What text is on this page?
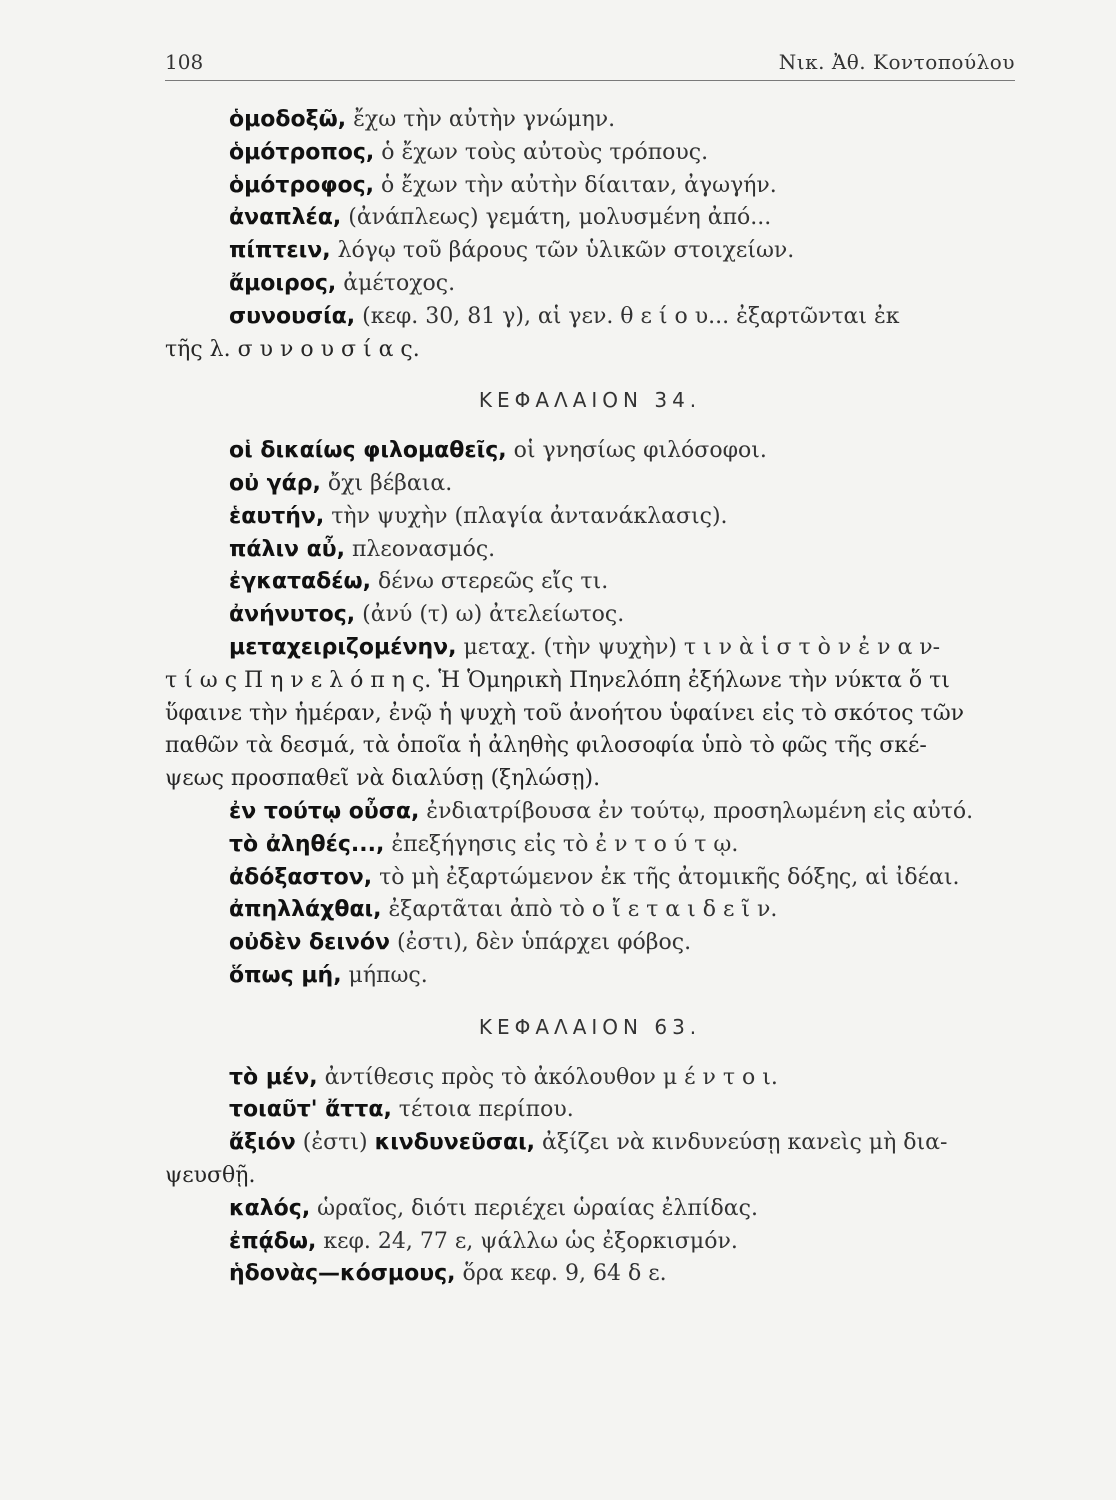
108	Νικ. Ἀθ. Κοντοπούλου
ὁμοδοξῶ, ἔχω τὴν αὐτὴν γνώμην.
ὁμότροπος, ὁ ἔχων τοὺς αὐτοὺς τρόπους.
ὁμότροφος, ὁ ἔχων τὴν αὐτὴν δίαιταν, ἀγωγήν.
ἀναπλέα, (ἀνάπλεως) γεμάτη, μολυσμένη ἀπό...
πίπτειν, λόγῳ τοῦ βάρους τῶν ὑλικῶν στοιχείων.
ἄμοιρος, ἀμέτοχος.
συνουσία, (κεφ. 30, 81 γ), αἱ γεν. θ ε ί ο υ... ἐξαρτῶνται ἐκ
τῆς λ. σ υ ν ο υ σ ί α ς.
ΚΕΦΑΛΑΙΟΝ 34.
οἱ δικαίως φιλομαθεῖς, οἱ γνησίως φιλόσοφοι.
οὐ γάρ, ὄχι βέβαια.
ἑαυτήν, τὴν ψυχὴν (πλαγία ἀντανάκλασις).
πάλιν αὖ, πλεονασμός.
ἐγκαταδέω, δένω στερεῶς εἴς τι.
ἀνήνυτος, (ἀνύ (τ) ω) ἀτελείωτος.
μεταχειριζομένην, μεταχ. (τὴν ψυχὴν) τ ι ν ὰ ἱ σ τ ὸ ν ἐ ν α ν-
τ ί ω ς Π η ν ε λ ό π η ς. Ἡ Ὁμηρικὴ Πηνελόπη ἐξήλωνε τὴν νύκτα ὅ τι
ὕφαινε τὴν ἡμέραν, ἐνῷ ἡ ψυχὴ τοῦ ἀνοήτου ὑφαίνει εἰς τὸ σκότος τῶν
παθῶν τὰ δεσμά, τὰ ὁποῖα ἡ ἀληθὴς φιλοσοφία ὑπὸ τὸ φῶς τῆς σκέ-
ψεως προσπαθεῖ νὰ διαλύσῃ (ξηλώσῃ).
ἐν τούτῳ οὖσα, ἐνδιατρίβουσα ἐν τούτῳ, προσηλωμένη εἰς αὐτό.
τὸ ἀληθές..., ἐπεξήγησις εἰς τὸ ἐ ν τ ο ύ τ ῳ.
ἀδόξαστον, τὸ μὴ ἐξαρτώμενον ἐκ τῆς ἀτομικῆς δόξης, αἱ ἰδέαι.
ἀπηλλάχθαι, ἐξαρτᾶται ἀπὸ τὸ ο ἴ ε τ α ι δ ε ῖ ν.
οὐδὲν δεινόν (ἐστι), δὲν ὑπάρχει φόβος.
ὅπως μή, μήπως.
ΚΕΦΑΛΑΙΟΝ 63.
τὸ μέν, ἀντίθεσις πρὸς τὸ ἀκόλουθον μ έ ν τ ο ι.
τοιαῦτ' ἄττα, τέτοια περίπου.
ἄξιόν (ἐστι) κινδυνεῦσαι, ἀξίζει νὰ κινδυνεύσῃ κανεὶς μὴ δια-
ψευσθῇ.
καλός, ὡραῖος, διότι περιέχει ὡραίας ἐλπίδας.
ἐπᾴδω, κεφ. 24, 77 ε, ψάλλω ὡς ἐξορκισμόν.
ἡδονὰς—κόσμους, ὅρα κεφ. 9, 64 δ ε.
